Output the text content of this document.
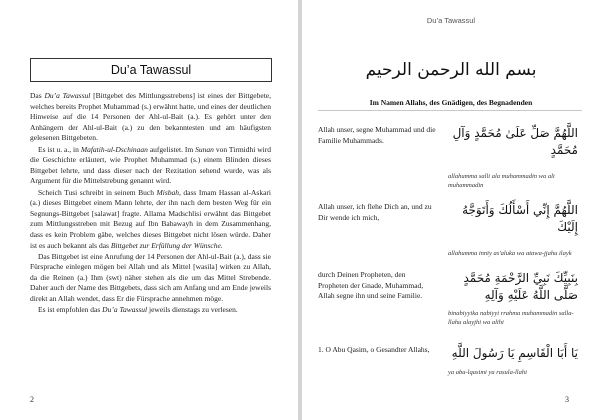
Du’a Tawassul

Das Du’a Tawassul [Bittgebet des Mittlungsstrebens] ist eines der Bittgebete, welches bereits Prophet Muhammad (s.) erwähnt hatte, und eines der deutlichen Hinweise auf die 14 Personen der Ahl-ul-Bait (a.). Es gehört unter den Anhängern der Ahl-ul-Bait (a.) zu den bekanntesten und am häufigsten gelesenen Bittgebeten.

Es ist u. a., in Mafatih-ul-Dschinaan aufgelistet. Im Sunan von Tirmidhi wird die Geschichte erläutert, wie Prophet Muhammad (s.) einem Blinden dieses Bittgebet lehrte, und dass dieser nach der Rezitation sehend wurde, was als Argument für die Mittelstrebung genannt wird.

Scheich Tusi schreibt in seinem Buch Misbah, dass Imam Hassan al-Askari (a.) dieses Bittgebet einem Mann lehrte, der ihn nach dem besten Weg für ein Segnungs-Bittgebet [salawat] fragte. Allama Madschlisi erwähnt das Bittgebet zum Mittlungsstreben mit Bezug auf Ibn Babawayh in dem Zusammenhang, dass es kein Problem gäbe, welches dieses Bittgebet nicht lösen würde. Daher ist es auch bekannt als das Bittgebet zur Erfüllung der Wünsche.

Das Bittgebet ist eine Anrufung der 14 Personen der Ahl-ul-Bait (a.), dass sie Fürsprache einlegen mögen bei Allah und als Mittel [wasila] wirken zu Allah, da die Reinen (a.) Ihm (swt) näher stehen als die um das Mittel Strebende. Daher auch der Name des Bittgebets, dass sich am Anfang und am Ende jeweils direkt an Allah wendet, dass Er die Fürsprache annehmen möge.

Es ist empfohlen das Du’a Tawassul jeweils dienstags zu verlesen.

2
Du’a Tawassul
بسم الله الرحمن الرحيم
Im Namen Allahs, des Gnädigen, des Begnadenden
Allah unser, segne Muhammad und die Familie Muhammads.	اللَّهُمَّ صَلِّ عَلَىٰ مُحَمَّدٍ وَآلِ مُحَمَّدٍ
allahumma salli ala muhammadin wa ali muhammadin
Allah unser, ich flehe Dich an, und zu Dir wende ich mich,	اللَّهُمَّ إِنِّي أَسْأَلُكَ وَأَتَوَجَّهُ إِلَيْكَ
allahumma innīy as'aluka wa atawa-jjahu ilayk
durch Deinen Propheten, den Propheten der Gnade, Muhammad, Allah segne ihn und seine Familie.
بِنَبِيِّكَ نَبِيِّ الرَّحْمَةِ مُحَمَّدٍ صَلَّى اللَّهُ عَلَيْهِ وَآلِهِ
binabiyyika nabiyyi rrahma muhammadin salla-llahu alayjhi wa alihi
1. O Abu Qasim, o Gesandter Allahs,	يَا أَبَا الْقَاسِمِ يَا رَسُولَ اللَّهِ
ya aba-lqasimi ya rasula-llahi
3
